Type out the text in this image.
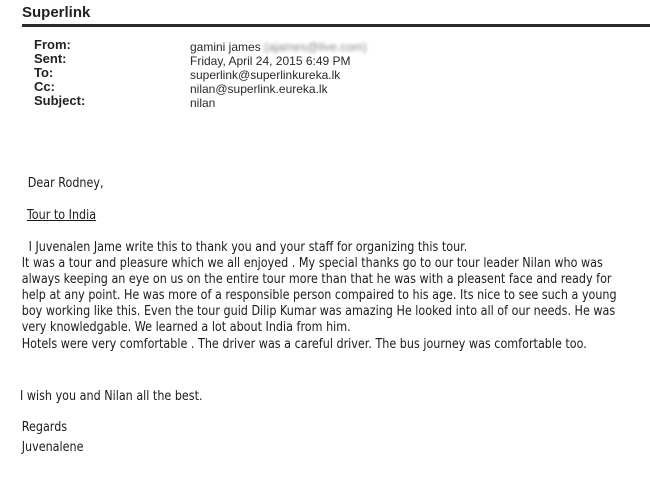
Superlink
From:
Sent:
To:
Cc:
Subject:
gamini james (ajames@live.com)
Friday, April 24, 2015 6:49 PM
superlink@superlinkureka.lk
nilan@superlink.eureka.lk
nilan
Dear Rodney,
Tour to India
I Juvenalen Jame write this to thank you and your staff for organizing this tour.
It was a tour and pleasure which we all enjoyed . My special thanks go to our tour leader Nilan who was
always keeping an eye on us on the entire tour more than that he was with a pleasent face and ready for
help at any point. He was more of a responsible person compaired to his age. Its nice to see such a young
boy working like this. Even the tour guid Dilip Kumar was amazing He looked into all of our needs. He was
very knowledgable. We learned a lot about India from him.
Hotels were very comfortable . The driver was a careful driver. The bus journey was comfortable too.
I wish you and Nilan all the best.
Regards
Juvenalene
